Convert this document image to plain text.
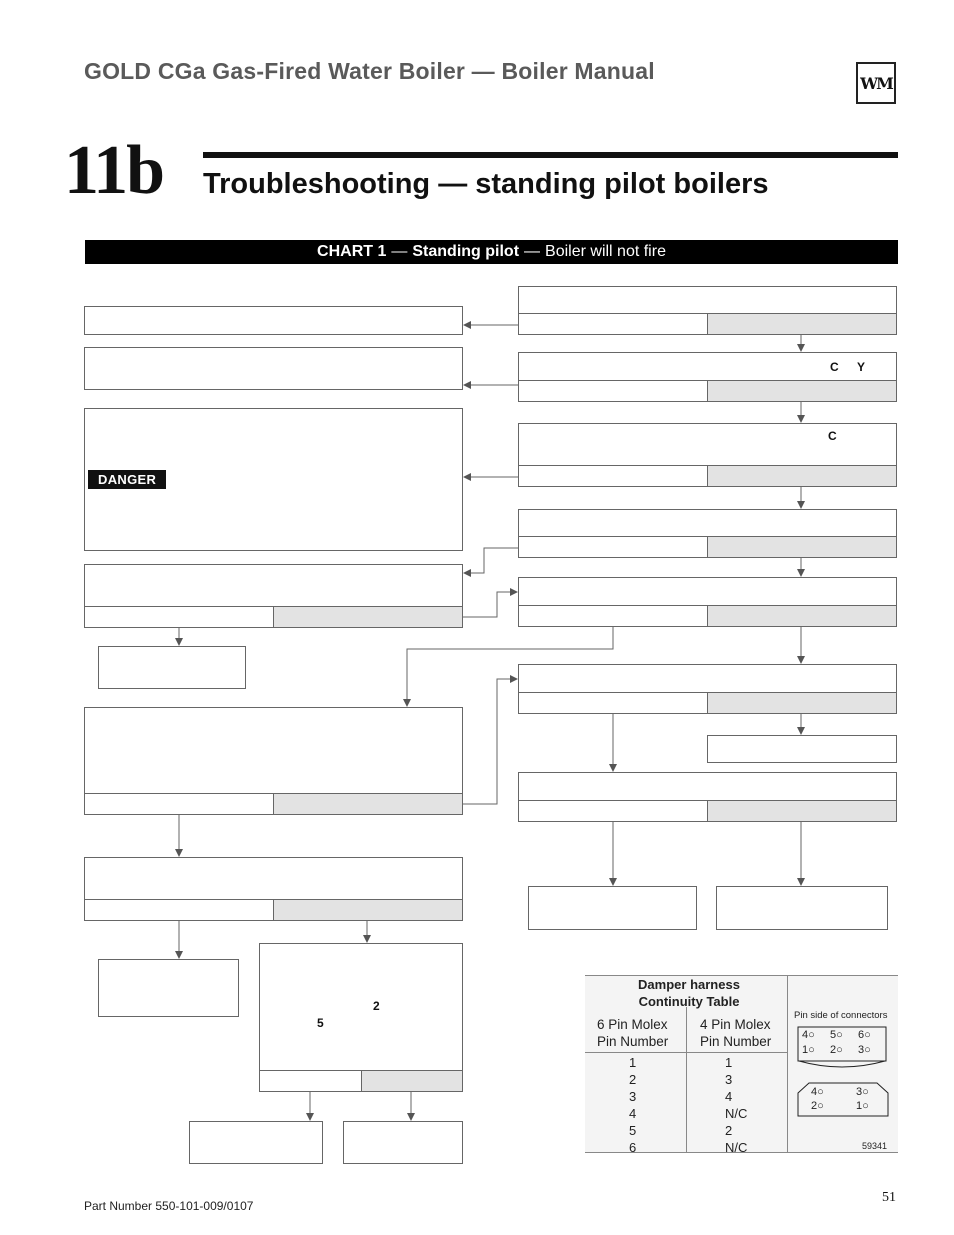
GOLD CGa Gas-Fired Water Boiler — Boiler Manual	WM
11b Troubleshooting — standing pilot boilers
CHART 1 — Standing pilot — Boiler will not fire
C Y
C
DANGER
2
5
Damper harness
Continuity Table
6 Pin Molex
Pin Number
4 Pin Molex
Pin Number
1	1
2	3
3	4
4	N/C
5	2
6	N/C
Pin side of connectors
4○ 5○ 6○
1○ 2○ 3○
4○	3○
2○	1○
59341
Part Number 550-101-009/0107
51
